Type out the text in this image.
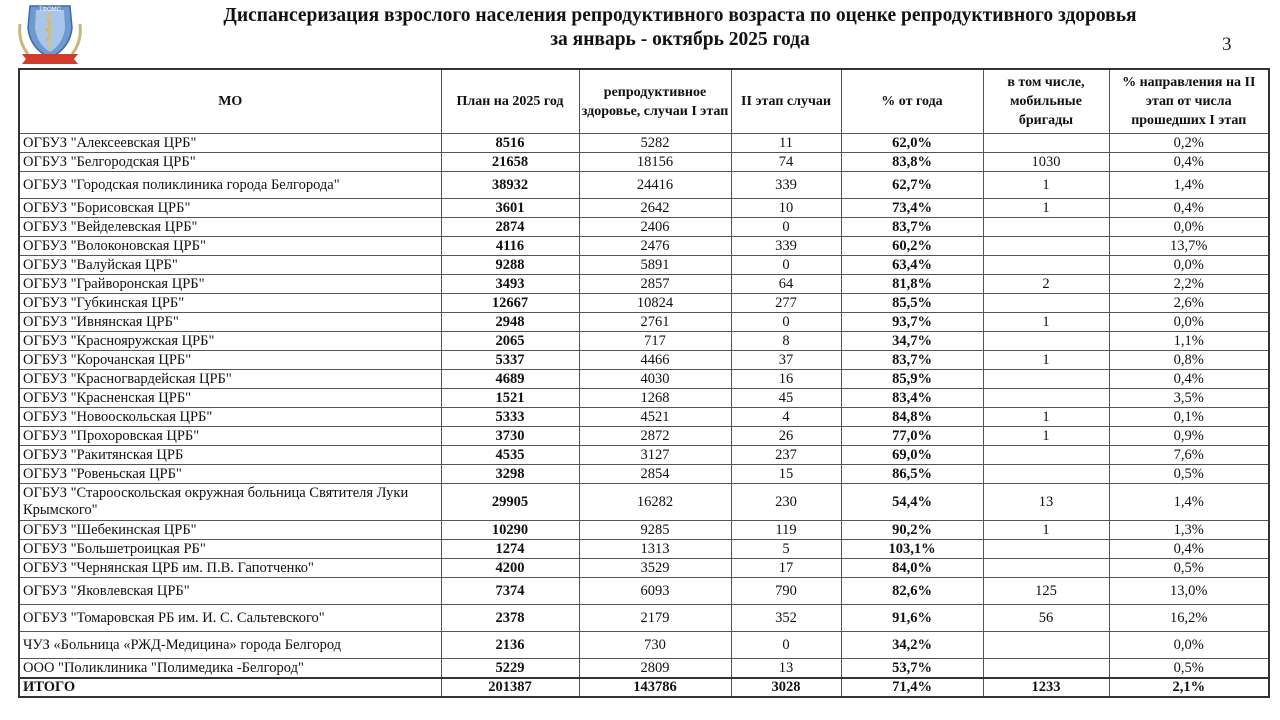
ТФОМС	Диспансеризация взрослого населения репродуктивного возраста по оценке репродуктивного здоровья
за январь - октябрь 2025 года	3
МО	План на 2025 год	репродуктивное здоровье, случаи I этап	II этап случаи	% от года	в том числе, мобильные бригады	% направления на II этап от числа прошедших I этап
ОГБУЗ "Алексеевская ЦРБ"	8516	5282	11	62,0%		0,2%
ОГБУЗ "Белгородская ЦРБ"	21658	18156	74	83,8%	1030	0,4%
ОГБУЗ "Городская поликлиника города Белгорода"	38932	24416	339	62,7%	1	1,4%
ОГБУЗ "Борисовская ЦРБ"	3601	2642	10	73,4%	1	0,4%
ОГБУЗ "Вейделевская ЦРБ"	2874	2406	0	83,7%		0,0%
ОГБУЗ "Волоконовская ЦРБ"	4116	2476	339	60,2%		13,7%
ОГБУЗ "Валуйская ЦРБ"	9288	5891	0	63,4%		0,0%
ОГБУЗ "Грайворонская ЦРБ"	3493	2857	64	81,8%	2	2,2%
ОГБУЗ "Губкинская ЦРБ"	12667	10824	277	85,5%		2,6%
ОГБУЗ "Ивнянская ЦРБ"	2948	2761	0	93,7%	1	0,0%
ОГБУЗ "Краснояружская ЦРБ"	2065	717	8	34,7%		1,1%
ОГБУЗ "Корочанская ЦРБ"	5337	4466	37	83,7%	1	0,8%
ОГБУЗ "Красногвардейская ЦРБ"	4689	4030	16	85,9%		0,4%
ОГБУЗ "Красненская ЦРБ"	1521	1268	45	83,4%		3,5%
ОГБУЗ "Новооскольская ЦРБ"	5333	4521	4	84,8%	1	0,1%
ОГБУЗ "Прохоровская ЦРБ"	3730	2872	26	77,0%	1	0,9%
ОГБУЗ "Ракитянская ЦРБ	4535	3127	237	69,0%		7,6%
ОГБУЗ "Ровеньская ЦРБ"	3298	2854	15	86,5%		0,5%
ОГБУЗ "Старооскольская окружная больница Святителя Луки Крымского"	29905	16282	230	54,4%	13	1,4%
ОГБУЗ "Шебекинская ЦРБ"	10290	9285	119	90,2%	1	1,3%
ОГБУЗ "Большетроицкая РБ"	1274	1313	5	103,1%		0,4%
ОГБУЗ "Чернянская ЦРБ им. П.В. Гапотченко"	4200	3529	17	84,0%		0,5%
ОГБУЗ "Яковлевская ЦРБ"	7374	6093	790	82,6%	125	13,0%
ОГБУЗ "Томаровская РБ им. И. С. Сальтевского"	2378	2179	352	91,6%	56	16,2%
ЧУЗ «Больница «РЖД-Медицина» города Белгород	2136	730	0	34,2%		0,0%
ООО "Поликлиника "Полимедика -Белгород"	5229	2809	13	53,7%		0,5%
ИТОГО	201387	143786	3028	71,4%	1233	2,1%
